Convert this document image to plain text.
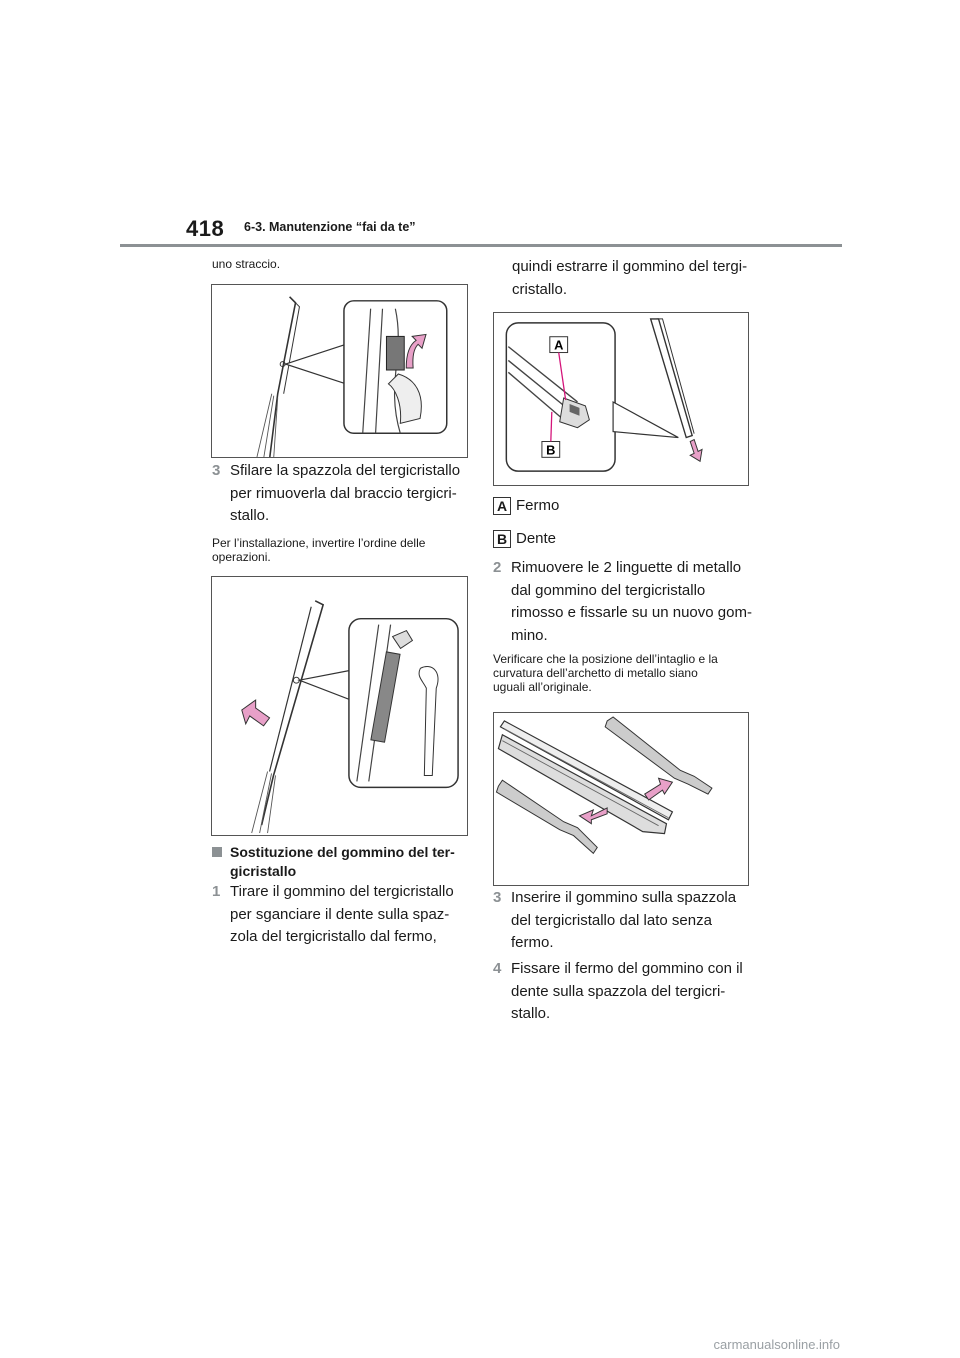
418 6-3. Manutenzione “fai da te”
uno straccio.
3 Sfilare la spazzola del tergicristallo
per rimuoverla dal braccio tergicri-
stallo.
Per l’installazione, invertire l’ordine delle
operazioni.
Sostituzione del gommino del ter-
gicristallo
1 Tirare il gommino del tergicristallo
per sganciare il dente sulla spaz-
zola del tergicristallo dal fermo,
quindi estrarre il gommino del tergi-
cristallo.
A
B
A Fermo
B Dente
2 Rimuovere le 2 linguette di metallo
dal gommino del tergicristallo
rimosso e fissarle su un nuovo gom-
mino.
Verificare che la posizione dell’intaglio e la
curvatura dell’archetto di metallo siano
uguali all’originale.
3 Inserire il gommino sulla spazzola
del tergicristallo dal lato senza
fermo.
4 Fissare il fermo del gommino con il
dente sulla spazzola del tergicri-
stallo.
carmanualsonline.info
